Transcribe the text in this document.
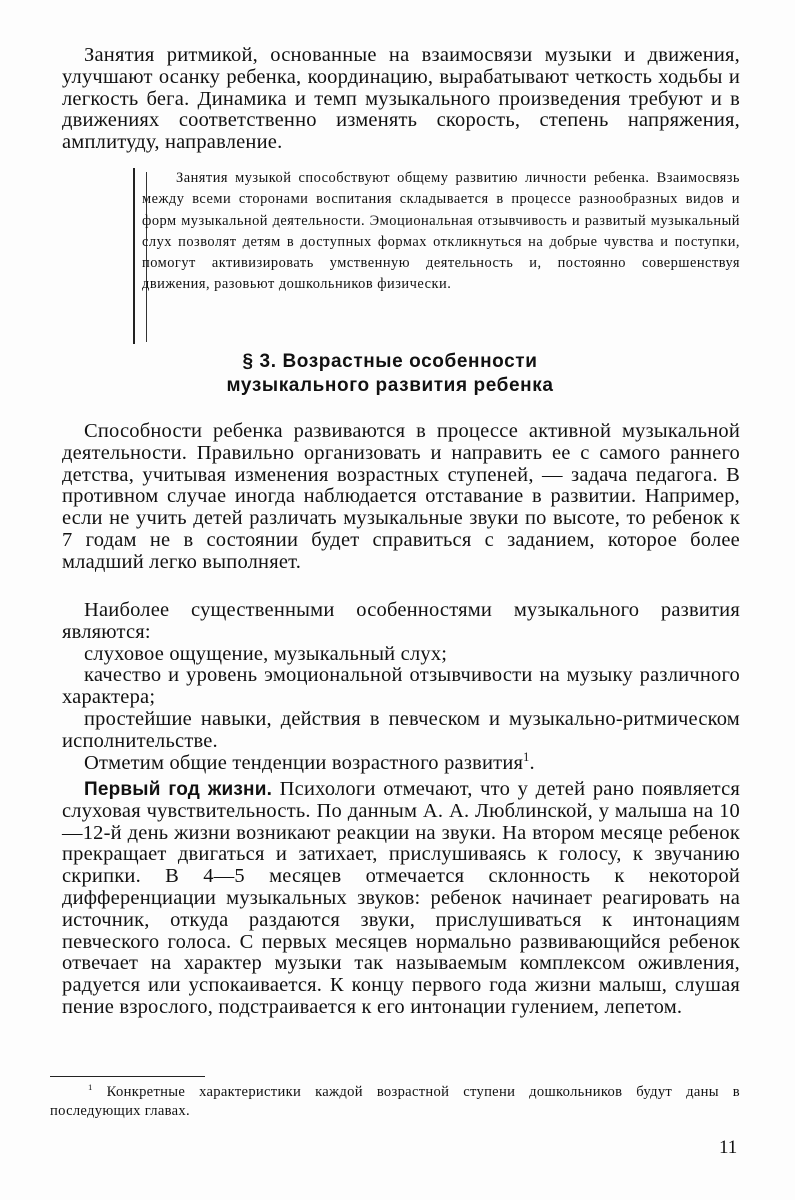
Занятия ритмикой, основанные на взаимосвязи музыки и движения, улучшают осанку ребенка, координацию, вырабатывают четкость ходьбы и легкость бега. Динамика и темп музыкального произведения требуют и в движениях соответственно изменять скорость, степень напряжения, амплитуду, направление.

Занятия музыкой способствуют общему развитию личности ребенка. Взаимосвязь между всеми сторонами воспитания складывается в процессе разнообразных видов и форм музыкальной деятельности. Эмоциональная отзывчивость и развитый музыкальный слух позволят детям в доступных формах откликнуться на добрые чувства и поступки, помогут активизировать умственную деятельность и, постоянно совершенствуя движения, разовьют дошкольников физически.

§ 3. Возрастные особенности
музыкального развития ребенка

Способности ребенка развиваются в процессе активной музыкальной деятельности. Правильно организовать и направить ее с самого раннего детства, учитывая изменения возрастных ступеней, — задача педагога. В противном случае иногда наблюдается отставание в развитии. Например, если не учить детей различать музыкальные звуки по высоте, то ребенок к 7 годам не в состоянии будет справиться с заданием, которое более младший легко выполняет.

Наиболее существенными особенностями музыкального развития являются:

слуховое ощущение, музыкальный слух;

качество и уровень эмоциональной отзывчивости на музыку различного характера;

простейшие навыки, действия в певческом и музыкально-ритмическом исполнительстве.

Отметим общие тенденции возрастного развития$^1$.

Первый год жизни. Психологи отмечают, что у детей рано появляется слуховая чувствительность. По данным А. А. Люблинской, у малыша на 10—12-й день жизни возникают реакции на звуки. На втором месяце ребенок прекращает двигаться и затихает, прислушиваясь к голосу, к звучанию скрипки. В 4—5 месяцев отмечается склонность к некоторой дифференциации музыкальных звуков: ребенок начинает реагировать на источник, откуда раздаются звуки, прислушиваться к интонациям певческого голоса. С первых месяцев нормально развивающийся ребенок отвечает на характер музыки так называемым комплексом оживления, радуется или успокаивается. К концу первого года жизни малыш, слушая пение взрослого, подстраивается к его интонации гулением, лепетом.

$^1$ Конкретные характеристики каждой возрастной ступени дошкольников будут даны в последующих главах.

11
